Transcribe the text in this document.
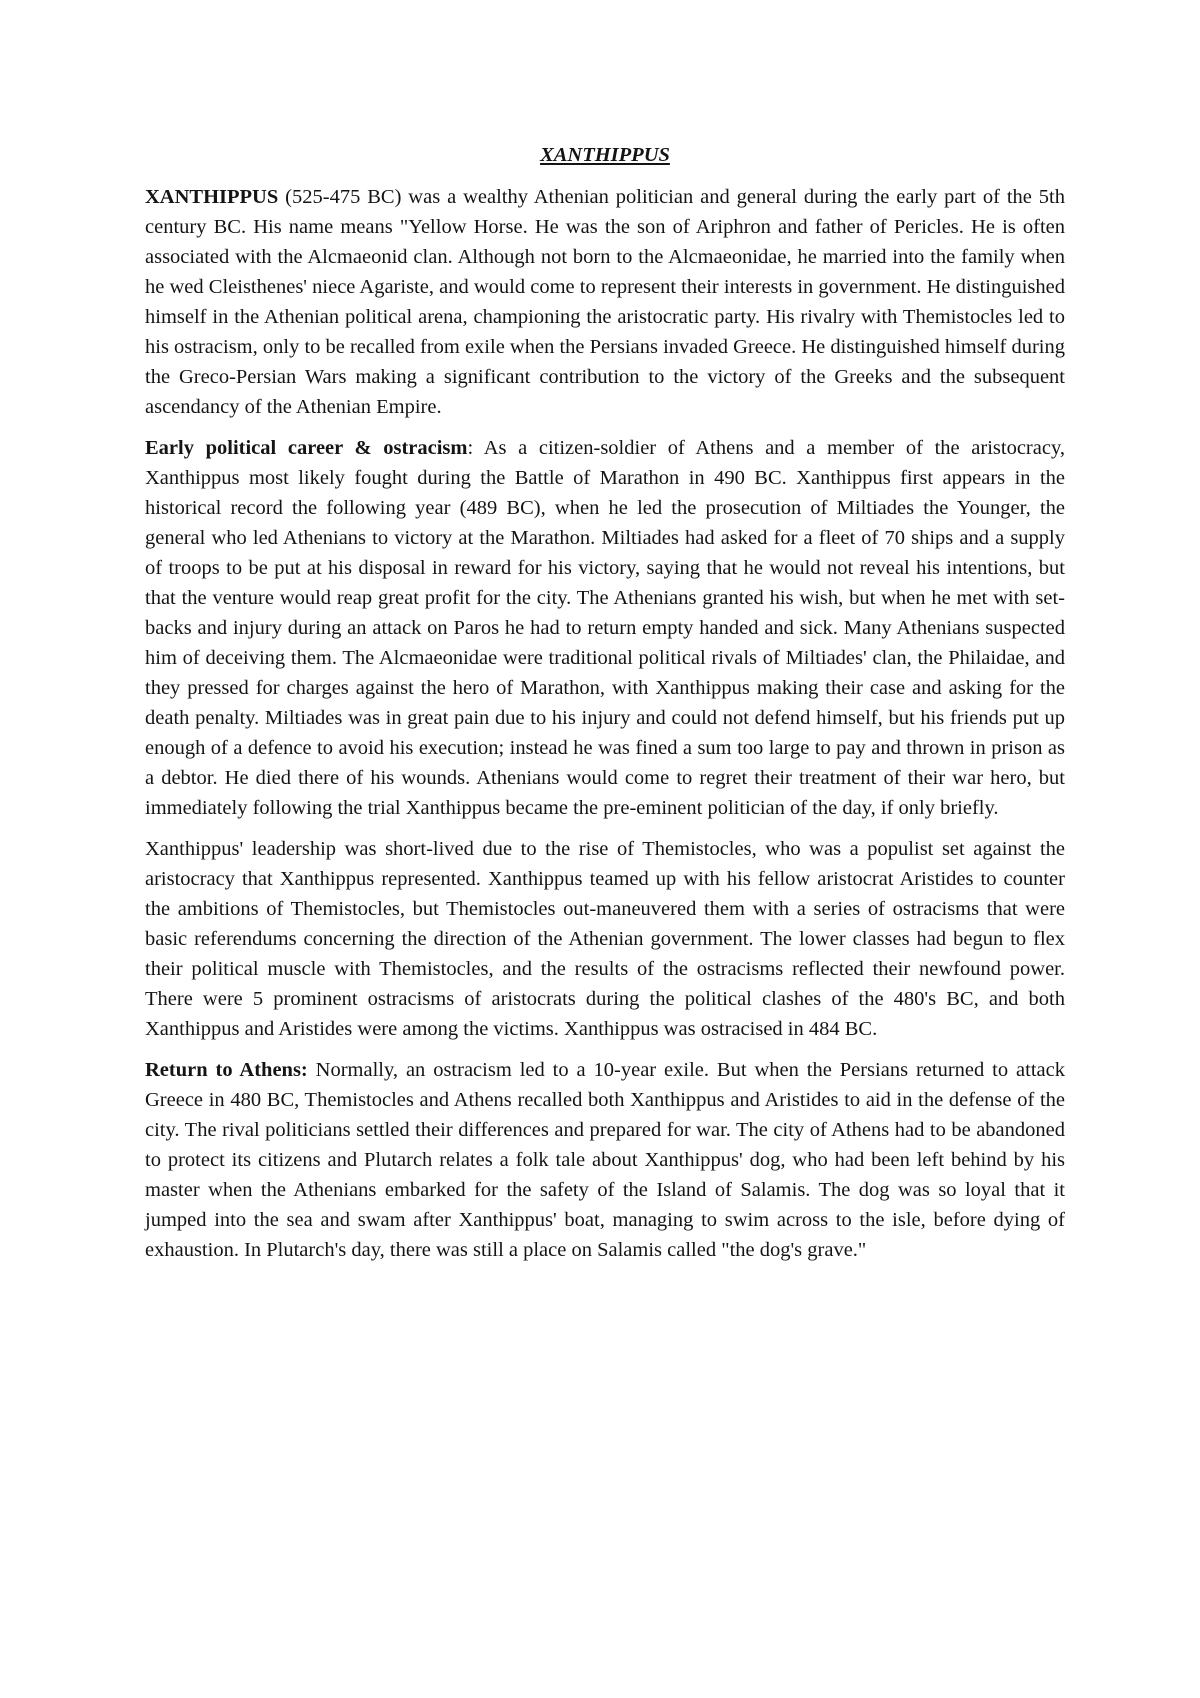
XANTHIPPUS

XANTHIPPUS (525-475 BC) was a wealthy Athenian politician and general during the early part of the 5th century BC. His name means "Yellow Horse. He was the son of Ariphron and father of Pericles. He is often associated with the Alcmaeonid clan. Although not born to the Alcmaeonidae, he married into the family when he wed Cleisthenes' niece Agariste, and would come to represent their interests in government. He distinguished himself in the Athenian political arena, championing the aristocratic party. His rivalry with Themistocles led to his ostracism, only to be recalled from exile when the Persians invaded Greece. He distinguished himself during the Greco-Persian Wars making a significant contribution to the victory of the Greeks and the subsequent ascendancy of the Athenian Empire.

Early political career & ostracism: As a citizen-soldier of Athens and a member of the aristocracy, Xanthippus most likely fought during the Battle of Marathon in 490 BC. Xanthippus first appears in the historical record the following year (489 BC), when he led the prosecution of Miltiades the Younger, the general who led Athenians to victory at the Marathon. Miltiades had asked for a fleet of 70 ships and a supply of troops to be put at his disposal in reward for his victory, saying that he would not reveal his intentions, but that the venture would reap great profit for the city. The Athenians granted his wish, but when he met with set-backs and injury during an attack on Paros he had to return empty handed and sick. Many Athenians suspected him of deceiving them. The Alcmaeonidae were traditional political rivals of Miltiades' clan, the Philaidae, and they pressed for charges against the hero of Marathon, with Xanthippus making their case and asking for the death penalty. Miltiades was in great pain due to his injury and could not defend himself, but his friends put up enough of a defence to avoid his execution; instead he was fined a sum too large to pay and thrown in prison as a debtor. He died there of his wounds. Athenians would come to regret their treatment of their war hero, but immediately following the trial Xanthippus became the pre-eminent politician of the day, if only briefly.

Xanthippus' leadership was short-lived due to the rise of Themistocles, who was a populist set against the aristocracy that Xanthippus represented. Xanthippus teamed up with his fellow aristocrat Aristides to counter the ambitions of Themistocles, but Themistocles out-maneuvered them with a series of ostracisms that were basic referendums concerning the direction of the Athenian government. The lower classes had begun to flex their political muscle with Themistocles, and the results of the ostracisms reflected their newfound power. There were 5 prominent ostracisms of aristocrats during the political clashes of the 480's BC, and both Xanthippus and Aristides were among the victims. Xanthippus was ostracised in 484 BC.

Return to Athens: Normally, an ostracism led to a 10-year exile. But when the Persians returned to attack Greece in 480 BC, Themistocles and Athens recalled both Xanthippus and Aristides to aid in the defense of the city. The rival politicians settled their differences and prepared for war. The city of Athens had to be abandoned to protect its citizens and Plutarch relates a folk tale about Xanthippus' dog, who had been left behind by his master when the Athenians embarked for the safety of the Island of Salamis. The dog was so loyal that it jumped into the sea and swam after Xanthippus' boat, managing to swim across to the isle, before dying of exhaustion. In Plutarch's day, there was still a place on Salamis called "the dog's grave."
